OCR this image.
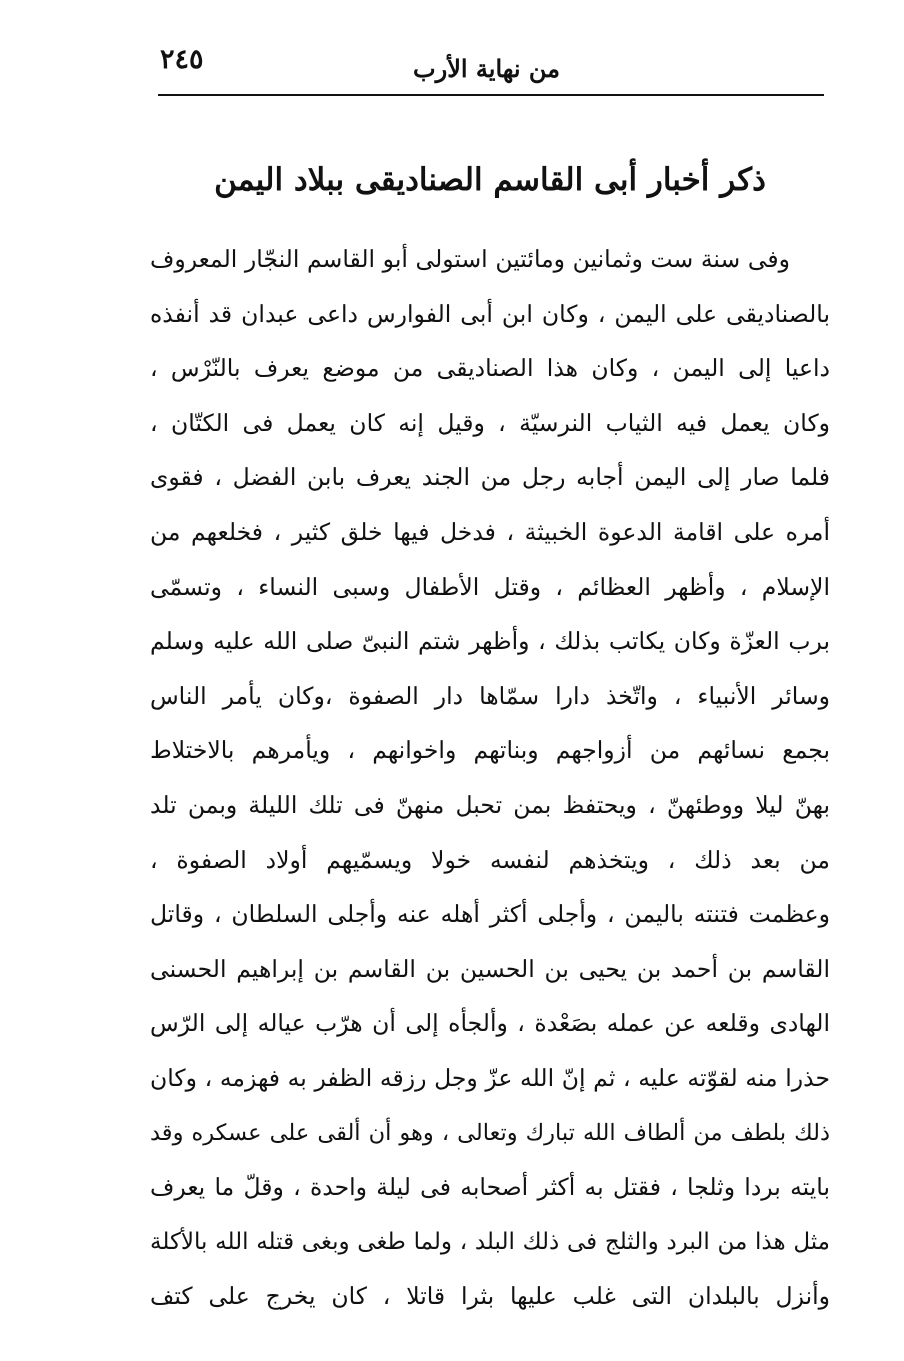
من نهاية الأرب
٢٤٥
ذكر أخبار أبى القاسم الصناديقى ببلاد اليمن
وفى سنة ست وثمانين ومائتين استولى أبو القاسم النجّار المعروف
بالصناديقى على اليمن ، وكان ابن أبى الفوارس داعى عبدان قد أنفذه
داعيا إلى اليمن ، وكان هذا الصناديقى من موضع يعرف بالنّرْس ،
وكان يعمل فيه الثياب النرسيّة ، وقيل إنه كان يعمل فى الكتّان ،
فلما صار إلى اليمن أجابه رجل من الجند يعرف بابن الفضل ، فقوى
أمره على اقامة الدعوة الخبيثة ، فدخل فيها خلق كثير ، فخلعهم من
الإسلام ، وأظهر العظائم ، وقتل الأطفال وسبى النساء ، وتسمّى
برب العزّة وكان يكاتب بذلك ، وأظهر شتم النبىّ صلى الله عليه وسلم
وسائر الأنبياء ، واتّخذ دارا سمّاها دار الصفوة ،وكان يأمر الناس
بجمع نسائهم من أزواجهم وبناتهم واخوانهم ، ويأمرهم بالاختلاط
بهنّ ليلا ووطئهنّ ، ويحتفظ بمن تحبل منهنّ فى تلك الليلة وبمن تلد
من بعد ذلك ، ويتخذهم لنفسه خولا ويسمّيهم أولاد الصفوة ،
وعظمت فتنته باليمن ، وأجلى أكثر أهله عنه وأجلى السلطان ، وقاتل
القاسم بن أحمد بن يحيى بن الحسين بن القاسم بن إبراهيم الحسنى
الهادى وقلعه عن عمله بصَعْدة ، وألجأه إلى أن هرّب عياله إلى الرّس
حذرا منه لقوّته عليه ، ثم إنّ الله عزّ وجل رزقه الظفر به فهزمه ، وكان
ذلك بلطف من ألطاف الله تبارك وتعالى ، وهو أن ألقى على عسكره وقد
بايته بردا وثلجا ، فقتل به أكثر أصحابه فى ليلة واحدة ، وقلّ ما يعرف
مثل هذا من البرد والثلج فى ذلك البلد ، ولما طغى وبغى قتله الله بالأكلة
وأنزل بالبلدان التى غلب عليها بثرا قاتلا ، كان يخرج على كتف
